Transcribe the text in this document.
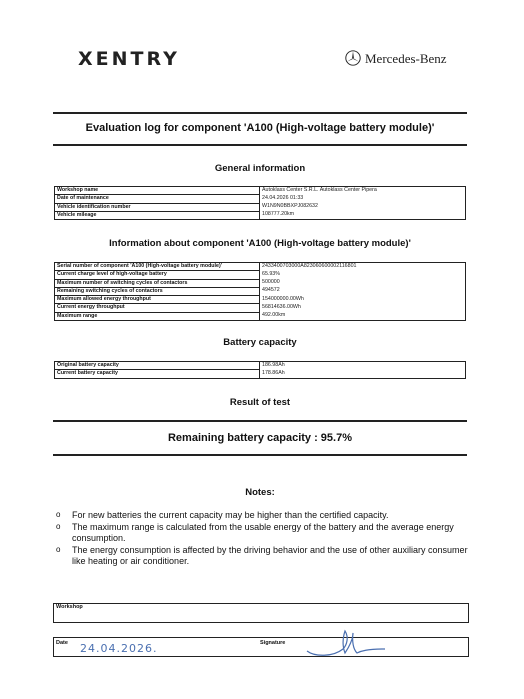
XENTRY	Mercedes-Benz
Evaluation log for component 'A100 (High-voltage battery module)'
General information
Workshop name	Autoklass Center S.R.L. Autoklass Center Pipera
Date of maintenance	24.04.2026 01:33
Vehicle identification number	W1N9N0BBXPJ082632
Vehicle mileage	108777.20km
Information about component 'A100 (High-voltage battery module)'
Serial number of component 'A100 (High-voltage battery module)'	2433400703000A823060600002116801
Current charge level of high-voltage battery	65.93%
Maximum number of switching cycles of contactors	500000
Remaining switching cycles of contactors	494572
Maximum allowed energy throughput	154000000.00Wh
Current energy throughput	56814636.00Wh
Maximum range	492.00km
Battery capacity
Original battery capacity	186.98Ah
Current battery capacity	178.86Ah
Result of test
Remaining battery capacity : 95.7%
Notes:
o	For new batteries the current capacity may be higher than the certified capacity.
o	The maximum range is calculated from the usable energy of the battery and the average energy consumption.
o	The energy consumption is affected by the driving behavior and the use of other auxiliary consumer like heating or air conditioner.
Workshop
Date 24.04.2026.	Signature
